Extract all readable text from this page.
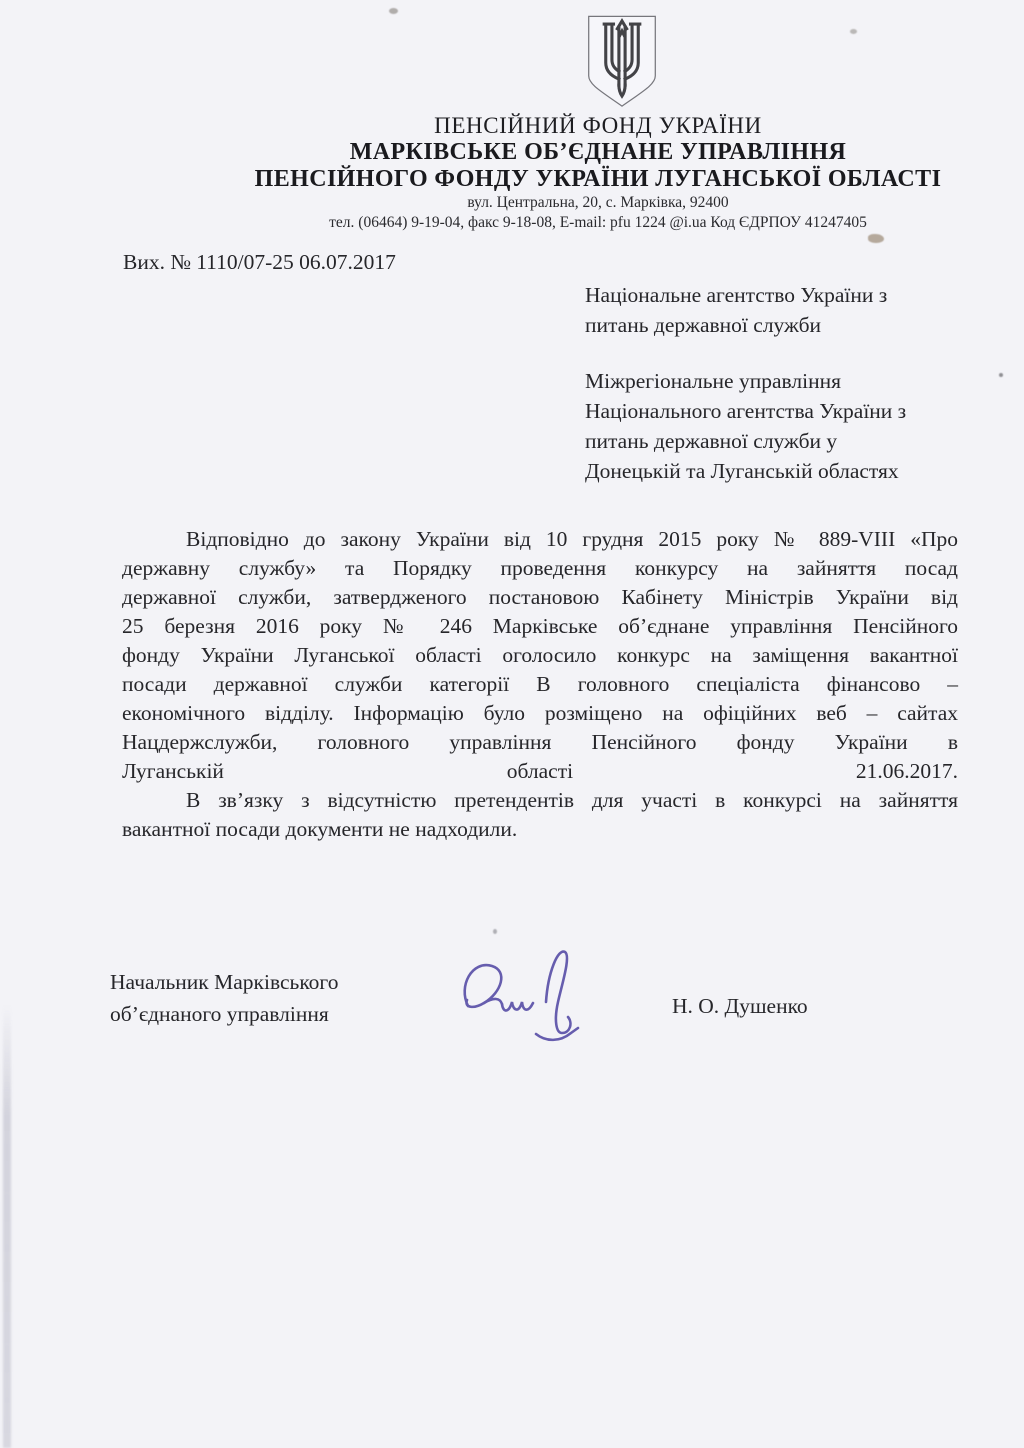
ПЕНСІЙНИЙ ФОНД УКРАЇНИ
МАРКІВСЬКЕ ОБ’ЄДНАНЕ УПРАВЛІННЯ
ПЕНСІЙНОГО ФОНДУ УКРАЇНИ ЛУГАНСЬКОЇ ОБЛАСТІ
вул. Центральна, 20, с. Марківка, 92400
тел. (06464) 9-19-04, факс 9-18-08, E-mail: pfu 1224 @i.ua Код ЄДРПОУ 41247405
Вих. № 1110/07-25 06.07.2017
Національне агентство України з
питань державної служби
Міжрегіональне управління
Національного агентства України з
питань державної служби у
Донецькій та Луганській областях
Відповідно до закону України від 10 грудня 2015 року № 889-VIII «Про
державну службу» та Порядку проведення конкурсу на зайняття посад
державної служби, затвердженого постановою Кабінету Міністрів України від
25 березня 2016 року № 246 Марківське об’єднане управління Пенсійного
фонду України Луганської області оголосило конкурс на заміщення вакантної
посади державної служби категорії В головного спеціаліста фінансово –
економічного відділу. Інформацію було розміщено на офіційних веб – сайтах
Нацдержслужби, головного управління Пенсійного фонду України в
Луганській області 21.06.2017.
В зв’язку з відсутністю претендентів для участі в конкурсі на зайняття
вакантної посади документи не надходили.
Начальник Марківського
об’єднаного управління	Н. О. Душенко
